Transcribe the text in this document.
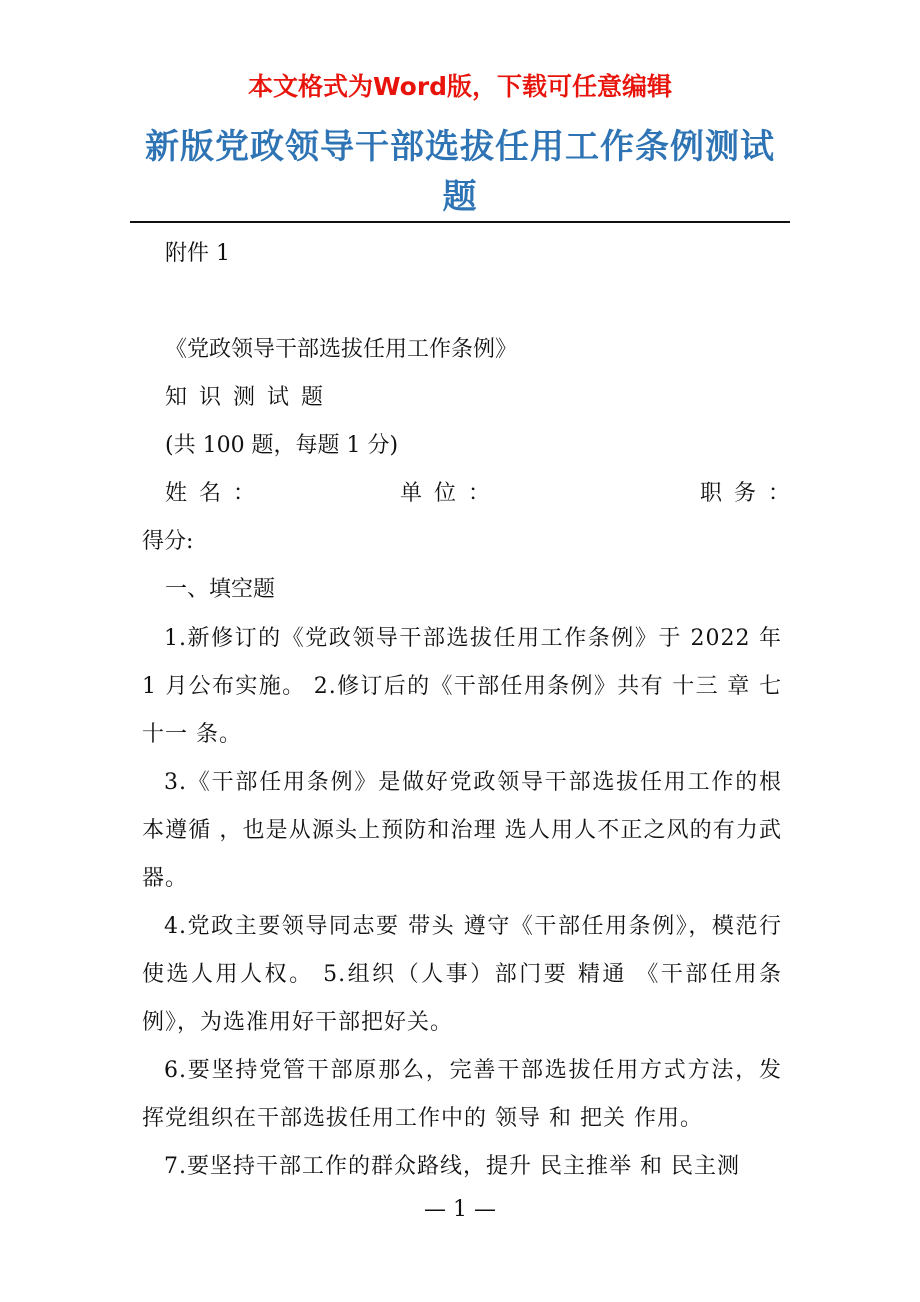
本文格式为Word版，下载可任意编辑
新版党政领导干部选拔任用工作条例测试题
附件 1
《党政领导干部选拔任用工作条例》
知识测试题
(共 100 题，每题 1 分)
姓名：	单位：	职务：
得分:
一、填空题
1.新修订的《党政领导干部选拔任用工作条例》于 2022 年 1 月公布实施。 2.修订后的《干部任用条例》共有 十三 章 七十一 条。
3.《干部任用条例》是做好党政领导干部选拔任用工作的根本遵循 ，也是从源头上预防和治理 选人用人不正之风的有力武器。
4.党政主要领导同志要 带头 遵守《干部任用条例》，模范行使选人用人权。 5.组织（人事）部门要 精通 《干部任用条例》，为选准用好干部把好关。
6.要坚持党管干部原那么，完善干部选拔任用方式方法，发挥党组织在干部选拔任用工作中的 领导 和 把关 作用。
7.要坚持干部工作的群众路线，提升 民主推举 和 民主测
— 1 —
